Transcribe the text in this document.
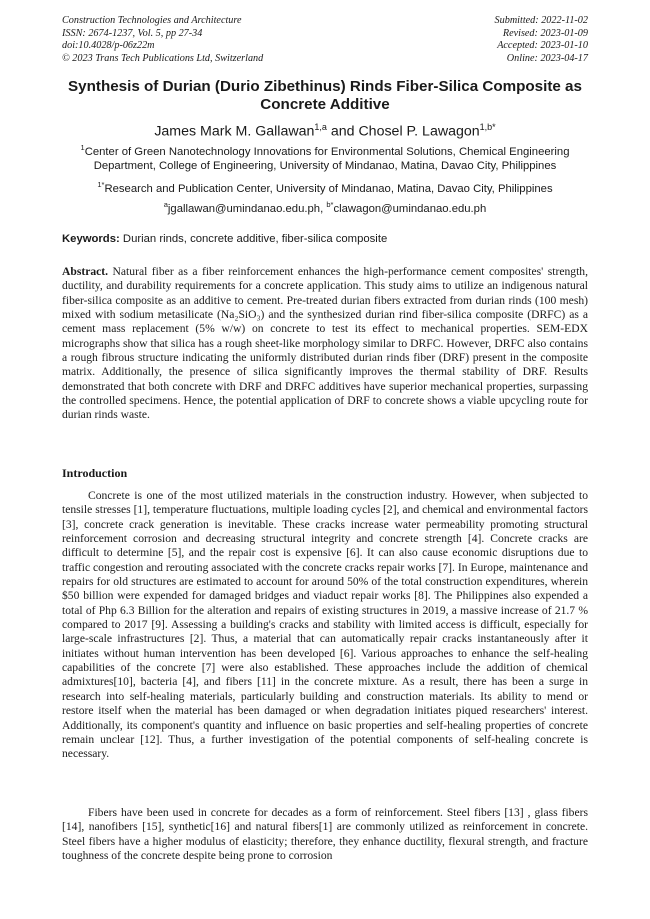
Construction Technologies and Architecture
ISSN: 2674-1237, Vol. 5, pp 27-34
doi:10.4028/p-06z22m
© 2023 Trans Tech Publications Ltd, Switzerland
Submitted: 2022-11-02
Revised: 2023-01-09
Accepted: 2023-01-10
Online: 2023-04-17
Synthesis of Durian (Durio Zibethinus) Rinds Fiber-Silica Composite as Concrete Additive
James Mark M. Gallawan$^{1,a}$ and Chosel P. Lawagon$^{1,b*}$
$^1$Center of Green Nanotechnology Innovations for Environmental Solutions, Chemical Engineering Department, College of Engineering, University of Mindanao, Matina, Davao City, Philippines
$^{1*}$Research and Publication Center, University of Mindanao, Matina, Davao City, Philippines
$^a$jgallawan@umindanao.edu.ph, $^{b*}$clawagon@umindanao.edu.ph
Keywords: Durian rinds, concrete additive, fiber-silica composite
Abstract. Natural fiber as a fiber reinforcement enhances the high-performance cement composites' strength, ductility, and durability requirements for a concrete application. This study aims to utilize an indigenous natural fiber-silica composite as an additive to cement. Pre-treated durian fibers extracted from durian rinds (100 mesh) mixed with sodium metasilicate (Na₂SiO₃) and the synthesized durian rind fiber-silica composite (DRFC) as a cement mass replacement (5% w/w) on concrete to test its effect to mechanical properties. SEM-EDX micrographs show that silica has a rough sheet-like morphology similar to DRFC. However, DRFC also contains a rough fibrous structure indicating the uniformly distributed durian rinds fiber (DRF) present in the composite matrix. Additionally, the presence of silica significantly improves the thermal stability of DRF. Results demonstrated that both concrete with DRF and DRFC additives have superior mechanical properties, surpassing the controlled specimens. Hence, the potential application of DRF to concrete shows a viable upcycling route for durian rinds waste.
Introduction
Concrete is one of the most utilized materials in the construction industry. However, when subjected to tensile stresses [1], temperature fluctuations, multiple loading cycles [2], and chemical and environmental factors [3], concrete crack generation is inevitable. These cracks increase water permeability promoting structural reinforcement corrosion and decreasing structural integrity and concrete strength [4]. Concrete cracks are difficult to determine [5], and the repair cost is expensive [6]. It can also cause economic disruptions due to traffic congestion and rerouting associated with the concrete cracks repair works [7]. In Europe, maintenance and repairs for old structures are estimated to account for around 50% of the total construction expenditures, wherein $50 billion were expended for damaged bridges and viaduct repair works [8]. The Philippines also expended a total of Php 6.3 Billion for the alteration and repairs of existing structures in 2019, a massive increase of 21.7 % compared to 2017 [9]. Assessing a building's cracks and stability with limited access is difficult, especially for large-scale infrastructures [2]. Thus, a material that can automatically repair cracks instantaneously after it initiates without human intervention has been developed [6]. Various approaches to enhance the self-healing capabilities of the concrete [7] were also established. These approaches include the addition of chemical admixtures[10], bacteria [4], and fibers [11] in the concrete mixture. As a result, there has been a surge in research into self-healing materials, particularly building and construction materials. Its ability to mend or restore itself when the material has been damaged or when degradation initiates piqued researchers' interest. Additionally, its component's quantity and influence on basic properties and self-healing properties of concrete remain unclear [12]. Thus, a further investigation of the potential components of self-healing concrete is necessary.
Fibers have been used in concrete for decades as a form of reinforcement. Steel fibers [13] , glass fibers [14], nanofibers [15], synthetic[16] and natural fibers[1] are commonly utilized as reinforcement in concrete. Steel fibers have a higher modulus of elasticity; therefore, they enhance ductility, flexural strength, and fracture toughness of the concrete despite being prone to corrosion
